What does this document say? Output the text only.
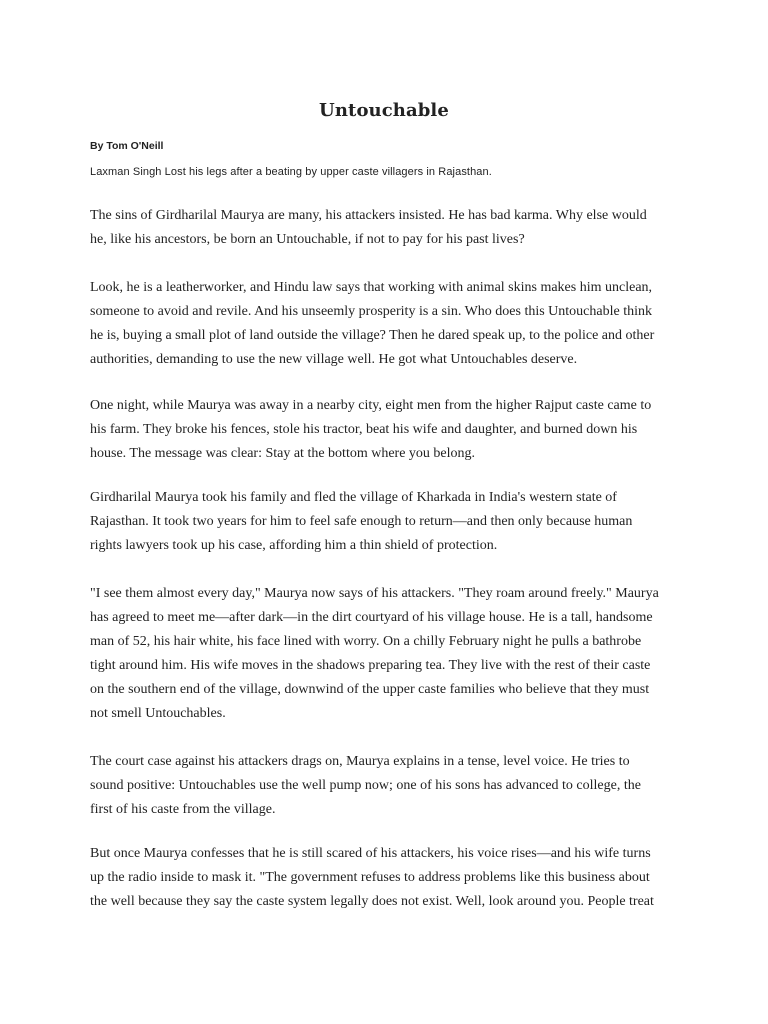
Untouchable
By Tom O'Neill
Laxman Singh Lost his legs after a beating by upper caste villagers in Rajasthan.

The sins of Girdharilal Maurya are many, his attackers insisted. He has bad karma. Why else would
he, like his ancestors, be born an Untouchable, if not to pay for his past lives?

Look, he is a leatherworker, and Hindu law says that working with animal skins makes him unclean,
someone to avoid and revile. And his unseemly prosperity is a sin. Who does this Untouchable think
he is, buying a small plot of land outside the village? Then he dared speak up, to the police and other
authorities, demanding to use the new village well. He got what Untouchables deserve.

One night, while Maurya was away in a nearby city, eight men from the higher Rajput caste came to
his farm. They broke his fences, stole his tractor, beat his wife and daughter, and burned down his
house. The message was clear: Stay at the bottom where you belong.

Girdharilal Maurya took his family and fled the village of Kharkada in India's western state of
Rajasthan. It took two years for him to feel safe enough to return—and then only because human
rights lawyers took up his case, affording him a thin shield of protection.

"I see them almost every day," Maurya now says of his attackers. "They roam around freely." Maurya
has agreed to meet me—after dark—in the dirt courtyard of his village house. He is a tall, handsome
man of 52, his hair white, his face lined with worry. On a chilly February night he pulls a bathrobe
tight around him. His wife moves in the shadows preparing tea. They live with the rest of their caste
on the southern end of the village, downwind of the upper caste families who believe that they must
not smell Untouchables.

The court case against his attackers drags on, Maurya explains in a tense, level voice. He tries to
sound positive: Untouchables use the well pump now; one of his sons has advanced to college, the
first of his caste from the village.

But once Maurya confesses that he is still scared of his attackers, his voice rises—and his wife turns
up the radio inside to mask it. "The government refuses to address problems like this business about
the well because they say the caste system legally does not exist. Well, look around you. People treat
